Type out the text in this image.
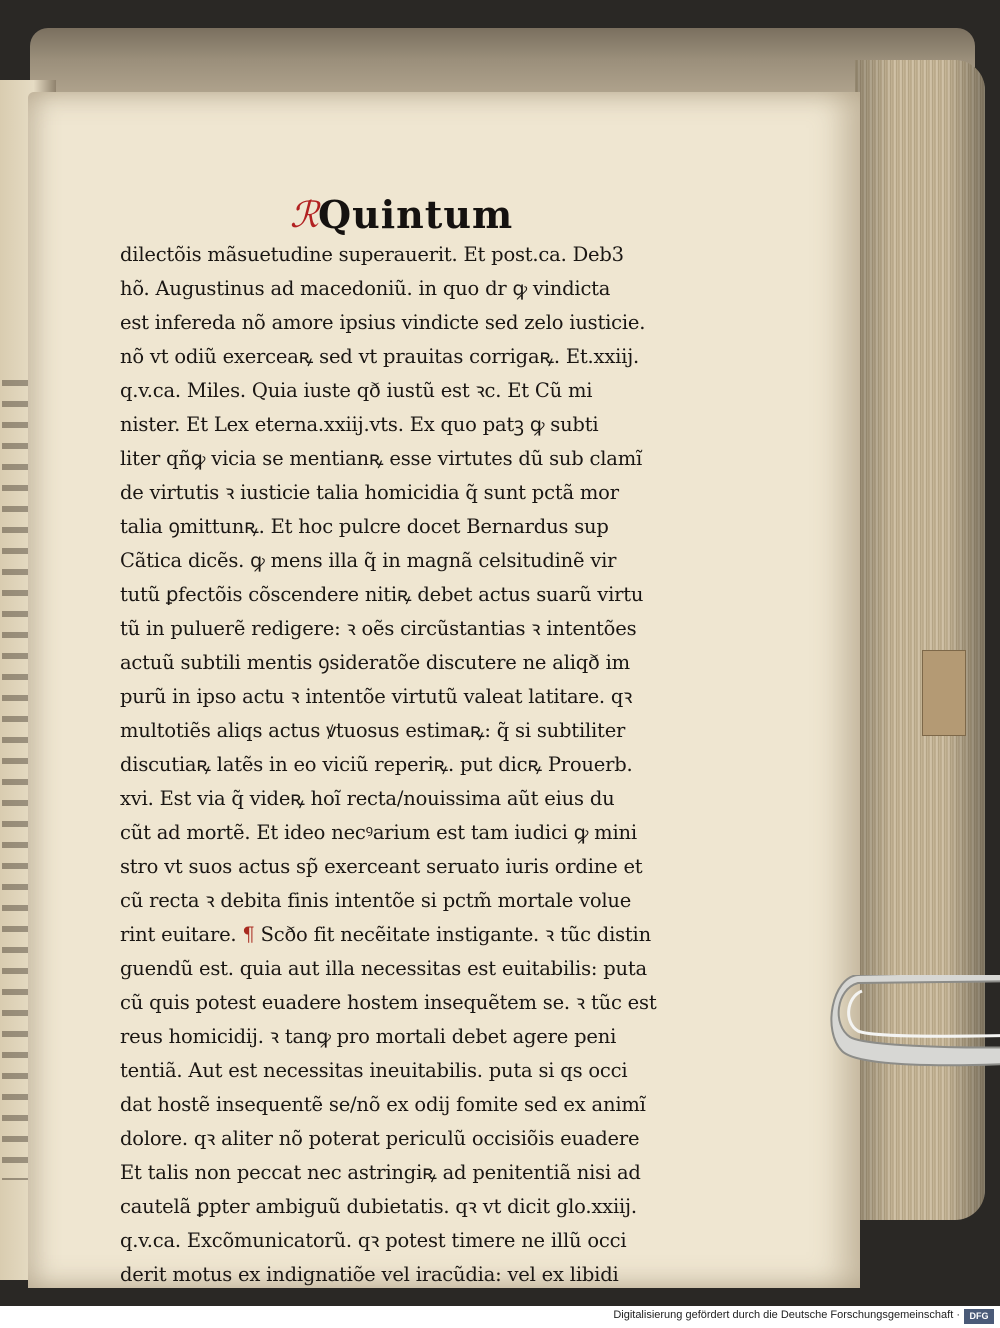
ℛ Quintum
dilectõis mãsuetudine superauerit. Et post.ca. Deb3
hõ. Augustinus ad macedoniũ. in quo dr ꝙ vindicta
est infereda nõ amore ipsius vindicte sed zelo iusticie.
nõ vt odiũ exerceaꝶ sed vt prauitas corrigaꝶ. Et.xxiij.
q.v.ca. Miles. Quia iuste qð iustũ est ꝛc. Et Cũ mi
nister. Et Lex eterna.xxiij.vts. Ex quo patꝫ ꝙ subti
liter qñꝙ vicia se mentianꝶ esse virtutes dũ sub clamĩ
de virtutis ꝛ iusticie talia homicidia q̃ sunt pctã mor
talia ꝯmittunꝶ. Et hoc pulcre docet Bernardus sup
Cãtica dicẽs. ꝙ mens illa q̃ in magnã celsitudinẽ vir
tutũ ꝑfectõis cõscendere nitiꝶ debet actus suarũ virtu
tũ in puluerẽ redigere: ꝛ oẽs circũstantias ꝛ intentões
actuũ subtili mentis ꝯsideratõe discutere ne aliqð im
purũ in ipso actu ꝛ intentõe virtutũ valeat latitare. qꝛ
multotiẽs aliqs actus ꝟtuosus estimaꝶ: q̃ si subtiliter
discutiaꝶ latẽs in eo viciũ reperiꝶ. put dicꝶ Prouerb.
xvi. Est via q̃ videꝶ hoĩ recta/nouissima aũt eius du
cũt ad mortẽ. Et ideo necꝰarium est tam iudici ꝙ mini
stro vt suos actus sp̃ exerceant seruato iuris ordine et
cũ recta ꝛ debita finis intentõe si pctm̃ mortale volue
rint euitare. ¶ Scðo fit necẽitate instigante. ꝛ tũc distin
guendũ est. quia aut illa necessitas est euitabilis: puta
cũ quis potest euadere hostem insequẽtem se. ꝛ tũc est
reus homicidij. ꝛ tanꝙ pro mortali debet agere peni
tentiã. Aut est necessitas ineuitabilis. puta si qs occi
dat hostẽ insequentẽ se/nõ ex odij fomite sed ex animĩ
dolore. qꝛ aliter nõ poterat periculũ occisiõis euadere
Et talis non peccat nec astringiꝶ ad penitentiã nisi ad
cautelã ꝑpter ambiguũ dubietatis. qꝛ vt dicit glo.xxiij.
q.v.ca. Excõmunicatorũ. qꝛ potest timere ne illũ occi
derit motus ex indignatiõe vel iracũdia: vel ex libidi
Digitalisierung gefördert durch die Deutsche Forschungsgemeinschaft ·	DFG
